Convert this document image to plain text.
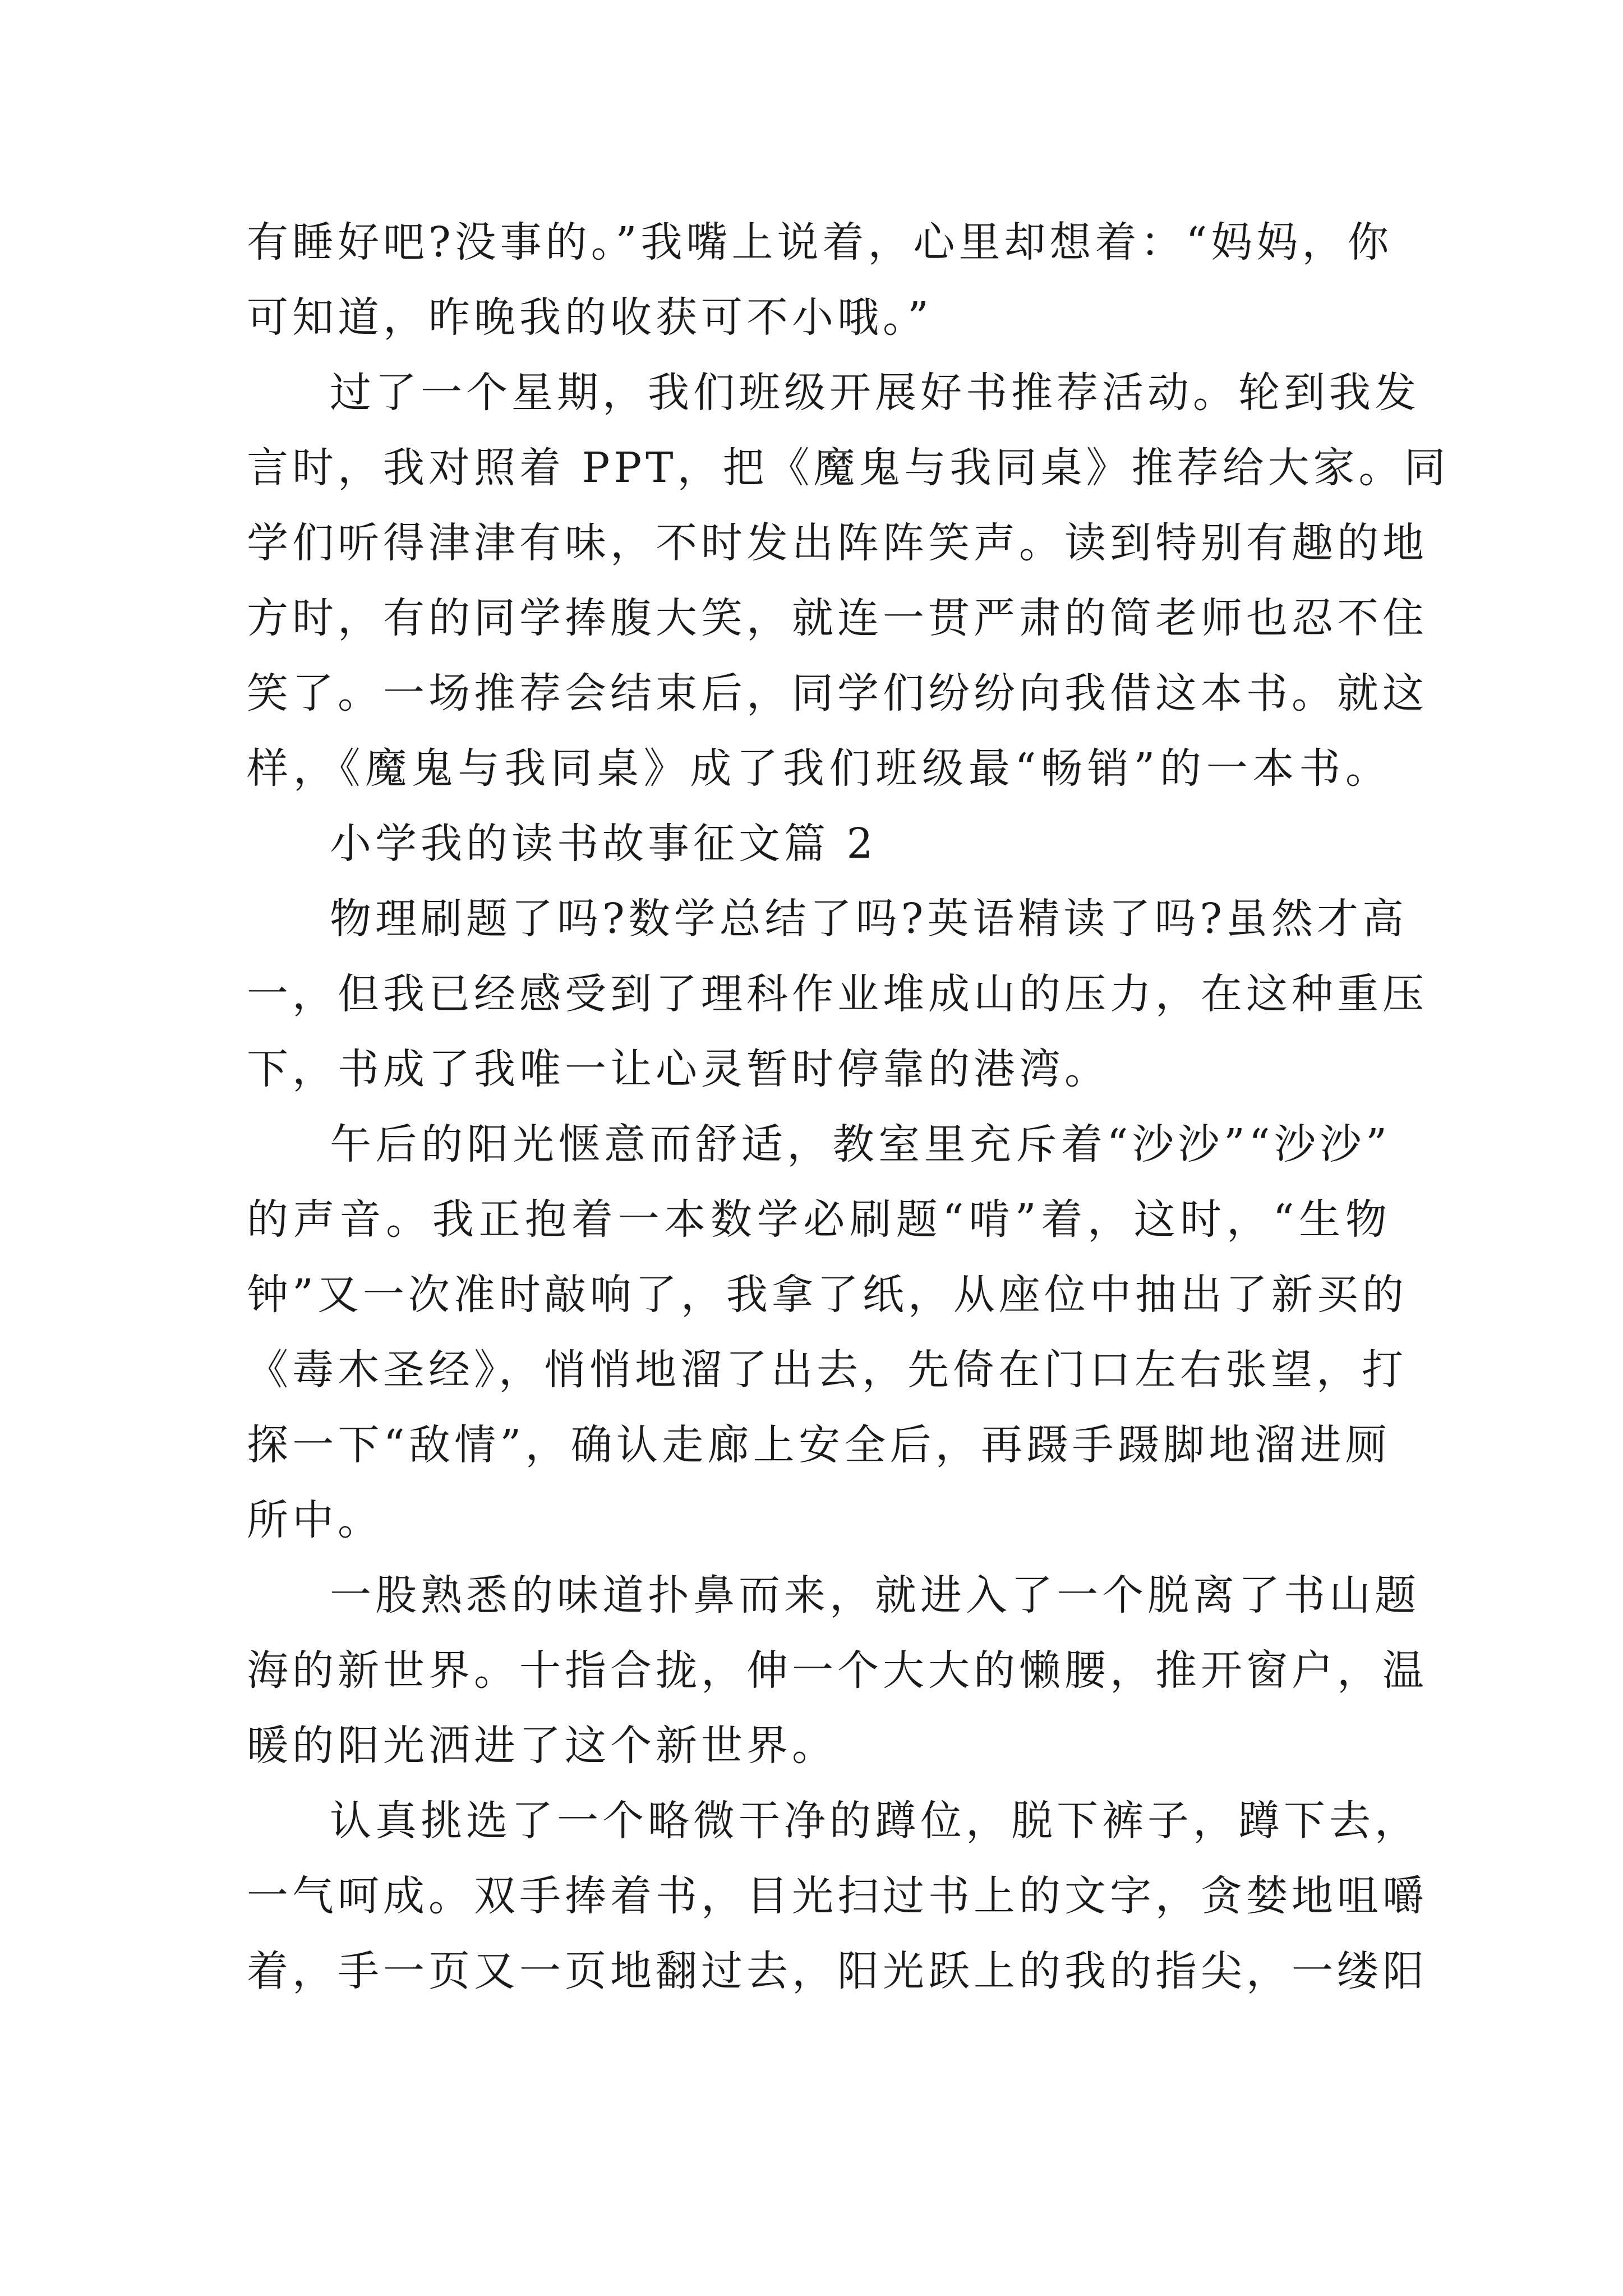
有睡好吧?没事的。”我嘴上说着，心里却想着：“妈妈，你
可知道，昨晚我的收获可不小哦。”
过了一个星期，我们班级开展好书推荐活动。轮到我发
言时，我对照着 PPT，把《魔鬼与我同桌》推荐给大家。同
学们听得津津有味，不时发出阵阵笑声。读到特别有趣的地
方时，有的同学捧腹大笑，就连一贯严肃的简老师也忍不住
笑了。一场推荐会结束后，同学们纷纷向我借这本书。就这
样，《魔鬼与我同桌》成了我们班级最“畅销”的一本书。
小学我的读书故事征文篇 2
物理刷题了吗?数学总结了吗?英语精读了吗?虽然才高
一，但我已经感受到了理科作业堆成山的压力，在这种重压
下，书成了我唯一让心灵暂时停靠的港湾。
午后的阳光惬意而舒适，教室里充斥着“沙沙”“沙沙”
的声音。我正抱着一本数学必刷题“啃”着，这时，“生物
钟”又一次准时敲响了，我拿了纸，从座位中抽出了新买的
《毒木圣经》，悄悄地溜了出去，先倚在门口左右张望，打
探一下“敌情”，确认走廊上安全后，再蹑手蹑脚地溜进厕
所中。
一股熟悉的味道扑鼻而来，就进入了一个脱离了书山题
海的新世界。十指合拢，伸一个大大的懒腰，推开窗户，温
暖的阳光洒进了这个新世界。
认真挑选了一个略微干净的蹲位，脱下裤子，蹲下去，
一气呵成。双手捧着书，目光扫过书上的文字，贪婪地咀嚼
着，手一页又一页地翻过去，阳光跃上的我的指尖，一缕阳
